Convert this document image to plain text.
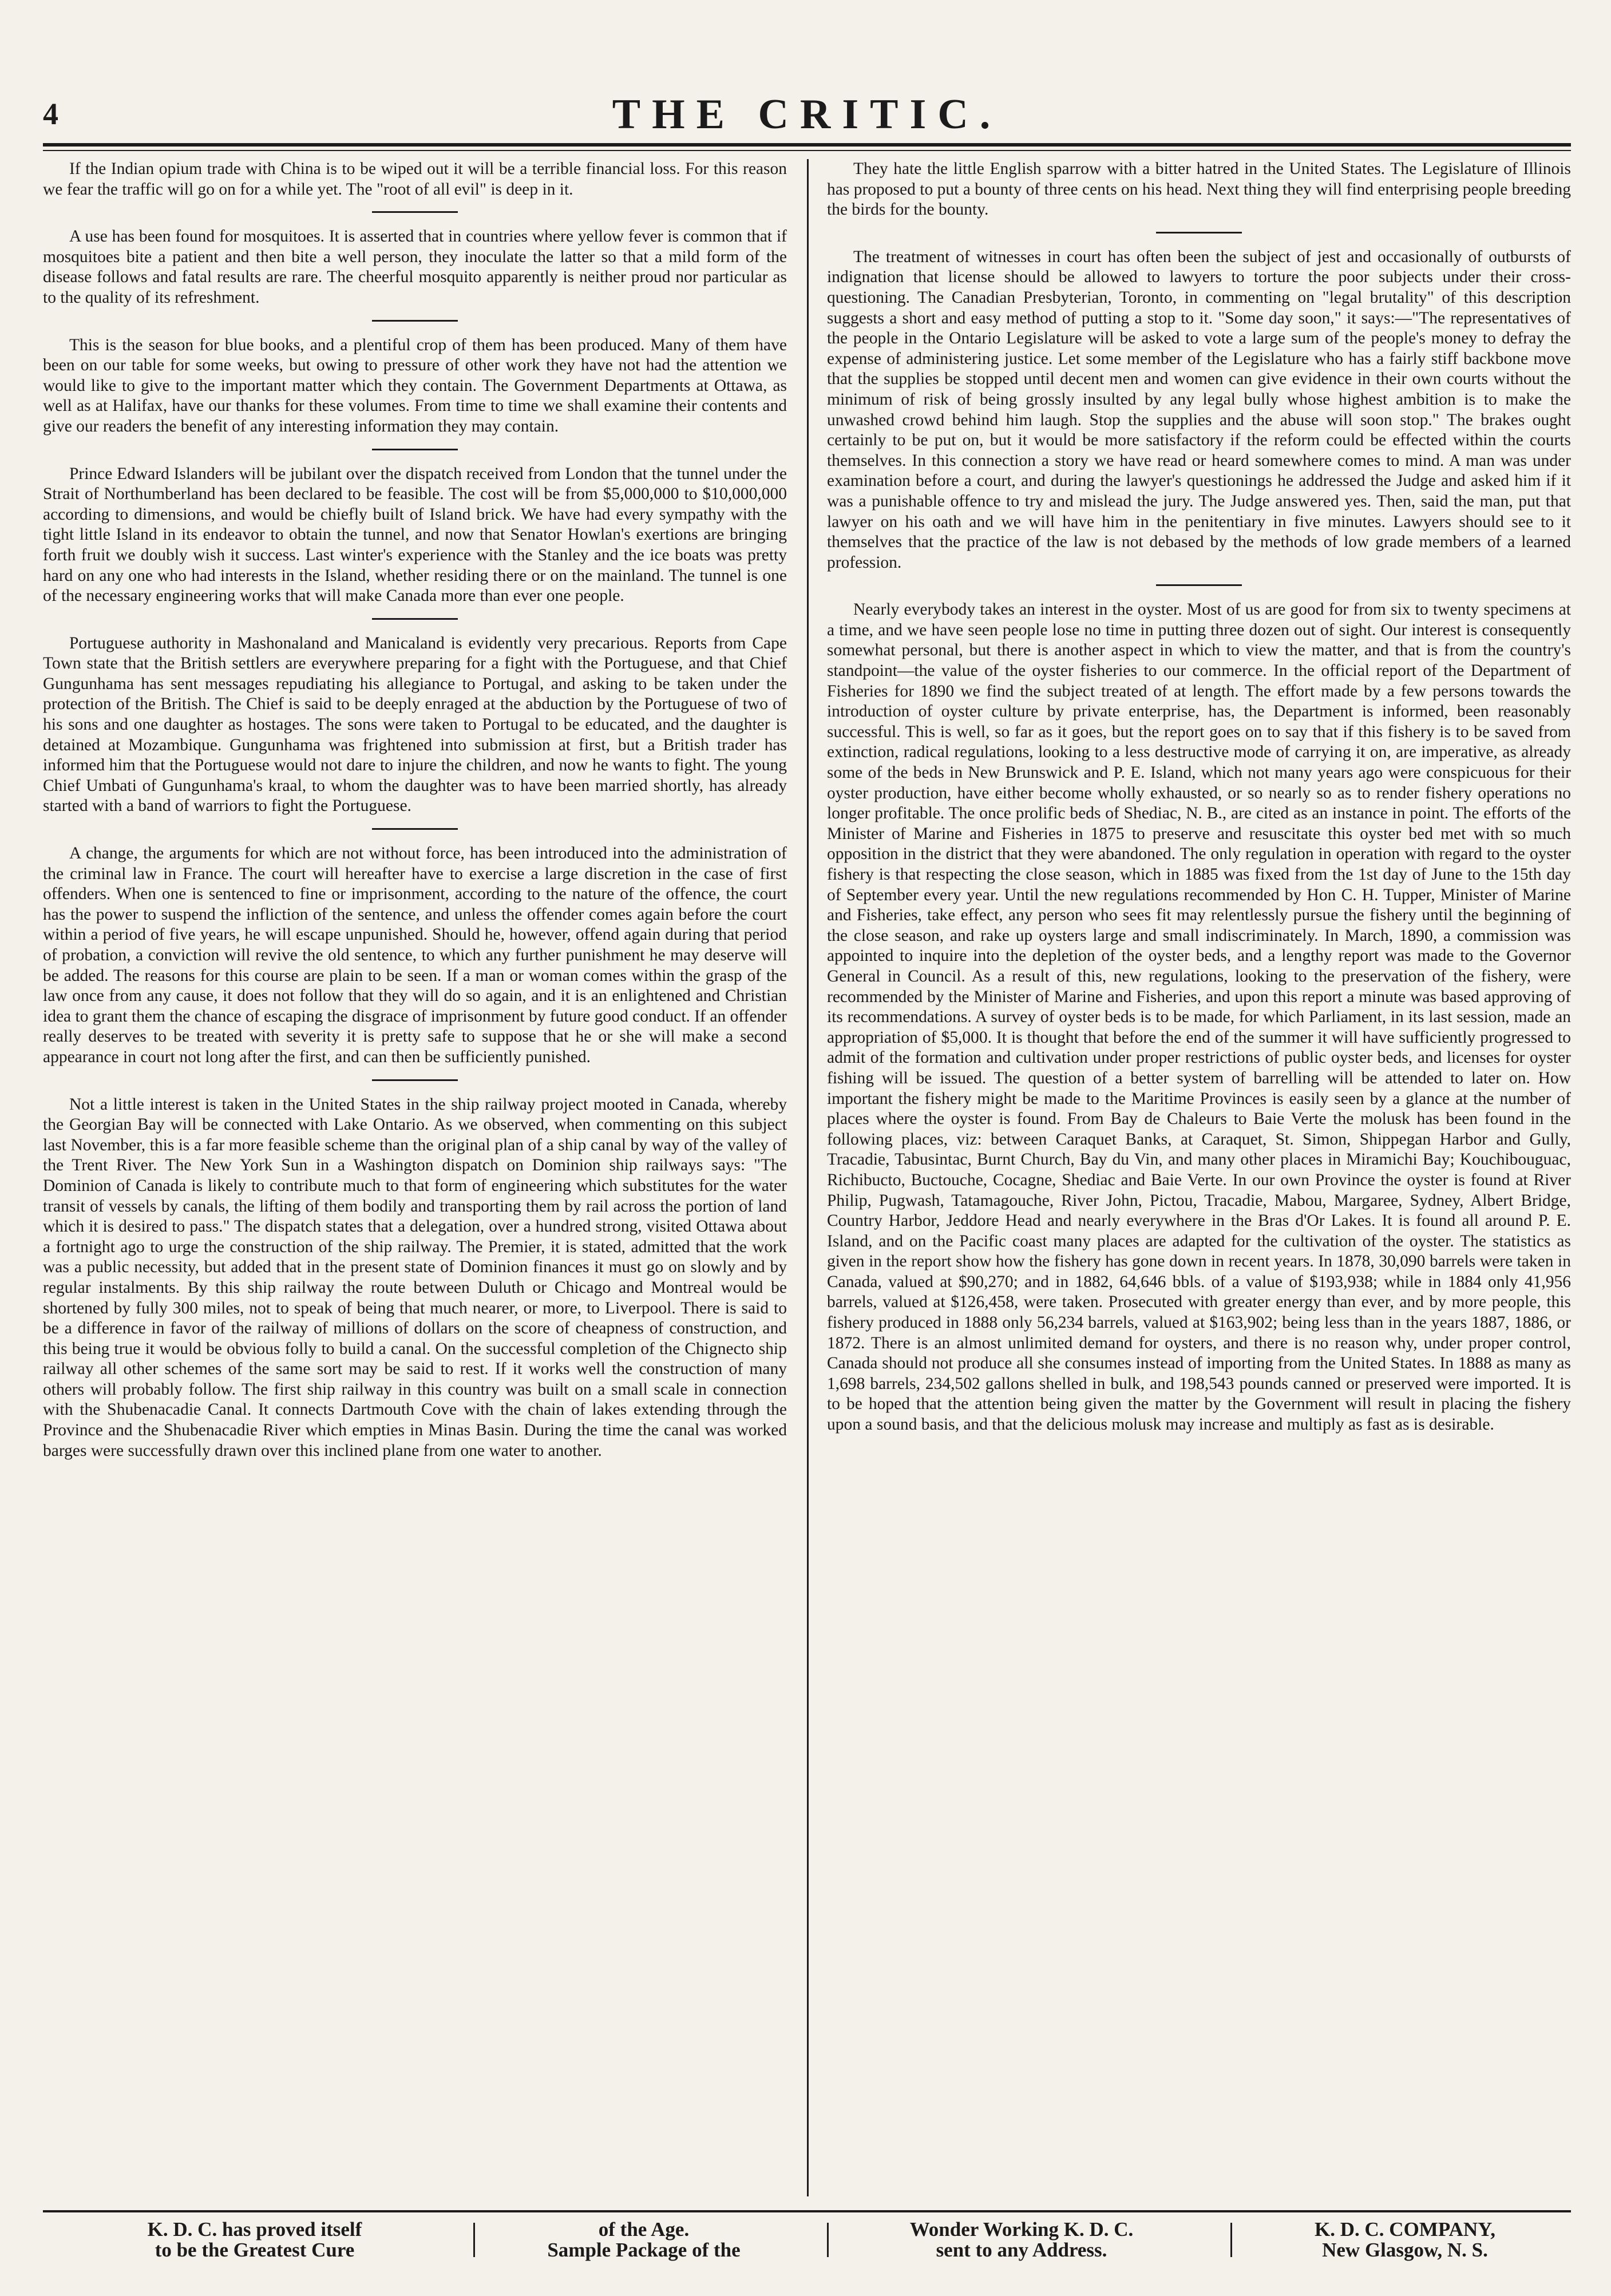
4	THE CRITIC.

If the Indian opium trade with China is to be wiped out it will be a terrible financial loss. For this reason we fear the traffic will go on for a while yet. The "root of all evil" is deep in it.

A use has been found for mosquitoes. It is asserted that in countries where yellow fever is common that if mosquitoes bite a patient and then bite a well person, they inoculate the latter so that a mild form of the disease follows and fatal results are rare. The cheerful mosquito apparently is neither proud nor particular as to the quality of its refreshment.

This is the season for blue books, and a plentiful crop of them has been produced. Many of them have been on our table for some weeks, but owing to pressure of other work they have not had the attention we would like to give to the important matter which they contain. The Government Departments at Ottawa, as well as at Halifax, have our thanks for these volumes. From time to time we shall examine their contents and give our readers the benefit of any interesting information they may contain.

Prince Edward Islanders will be jubilant over the dispatch received from London that the tunnel under the Strait of Northumberland has been declared to be feasible. The cost will be from $5,000,000 to $10,000,000 according to dimensions, and would be chiefly built of Island brick. We have had every sympathy with the tight little Island in its endeavor to obtain the tunnel, and now that Senator Howlan's exertions are bringing forth fruit we doubly wish it success. Last winter's experience with the Stanley and the ice boats was pretty hard on any one who had interests in the Island, whether residing there or on the mainland. The tunnel is one of the necessary engineering works that will make Canada more than ever one people.

Portuguese authority in Mashonaland and Manicaland is evidently very precarious. Reports from Cape Town state that the British settlers are everywhere preparing for a fight with the Portuguese, and that Chief Gungunhama has sent messages repudiating his allegiance to Portugal, and asking to be taken under the protection of the British. The Chief is said to be deeply enraged at the abduction by the Portuguese of two of his sons and one daughter as hostages. The sons were taken to Portugal to be educated, and the daughter is detained at Mozambique. Gungunhama was frightened into submission at first, but a British trader has informed him that the Portuguese would not dare to injure the children, and now he wants to fight. The young Chief Umbati of Gungunhama's kraal, to whom the daughter was to have been married shortly, has already started with a band of warriors to fight the Portuguese.

A change, the arguments for which are not without force, has been introduced into the administration of the criminal law in France. The court will hereafter have to exercise a large discretion in the case of first offenders. When one is sentenced to fine or imprisonment, according to the nature of the offence, the court has the power to suspend the infliction of the sentence, and unless the offender comes again before the court within a period of five years, he will escape unpunished. Should he, however, offend again during that period of probation, a conviction will revive the old sentence, to which any further punishment he may deserve will be added. The reasons for this course are plain to be seen. If a man or woman comes within the grasp of the law once from any cause, it does not follow that they will do so again, and it is an enlightened and Christian idea to grant them the chance of escaping the disgrace of imprisonment by future good conduct. If an offender really deserves to be treated with severity it is pretty safe to suppose that he or she will make a second appearance in court not long after the first, and can then be sufficiently punished.

Not a little interest is taken in the United States in the ship railway project mooted in Canada, whereby the Georgian Bay will be connected with Lake Ontario. As we observed, when commenting on this subject last November, this is a far more feasible scheme than the original plan of a ship canal by way of the valley of the Trent River. The New York Sun in a Washington dispatch on Dominion ship railways says: "The Dominion of Canada is likely to contribute much to that form of engineering which substitutes for the water transit of vessels by canals, the lifting of them bodily and transporting them by rail across the portion of land which it is desired to pass." The dispatch states that a delegation, over a hundred strong, visited Ottawa about a fortnight ago to urge the construction of the ship railway. The Premier, it is stated, admitted that the work was a public necessity, but added that in the present state of Dominion finances it must go on slowly and by regular instalments. By this ship railway the route between Duluth or Chicago and Montreal would be shortened by fully 300 miles, not to speak of being that much nearer, or more, to Liverpool. There is said to be a difference in favor of the railway of millions of dollars on the score of cheapness of construction, and this being true it would be obvious folly to build a canal. On the successful completion of the Chignecto ship railway all other schemes of the same sort may be said to rest. If it works well the construction of many others will probably follow. The first ship railway in this country was built on a small scale in connection with the Shubenacadie Canal. It connects Dartmouth Cove with the chain of lakes extending through the Province and the Shubenacadie River which empties in Minas Basin. During the time the canal was worked barges were successfully drawn over this inclined plane from one water to another.

They hate the little English sparrow with a bitter hatred in the United States. The Legislature of Illinois has proposed to put a bounty of three cents on his head. Next thing they will find enterprising people breeding the birds for the bounty.

The treatment of witnesses in court has often been the subject of jest and occasionally of outbursts of indignation that license should be allowed to lawyers to torture the poor subjects under their cross-questioning. The Canadian Presbyterian, Toronto, in commenting on "legal brutality" of this description suggests a short and easy method of putting a stop to it. "Some day soon," it says:—"The representatives of the people in the Ontario Legislature will be asked to vote a large sum of the people's money to defray the expense of administering justice. Let some member of the Legislature who has a fairly stiff backbone move that the supplies be stopped until decent men and women can give evidence in their own courts without the minimum of risk of being grossly insulted by any legal bully whose highest ambition is to make the unwashed crowd behind him laugh. Stop the supplies and the abuse will soon stop." The brakes ought certainly to be put on, but it would be more satisfactory if the reform could be effected within the courts themselves. In this connection a story we have read or heard somewhere comes to mind. A man was under examination before a court, and during the lawyer's questionings he addressed the Judge and asked him if it was a punishable offence to try and mislead the jury. The Judge answered yes. Then, said the man, put that lawyer on his oath and we will have him in the penitentiary in five minutes. Lawyers should see to it themselves that the practice of the law is not debased by the methods of low grade members of a learned profession.

Nearly everybody takes an interest in the oyster. Most of us are good for from six to twenty specimens at a time, and we have seen people lose no time in putting three dozen out of sight. Our interest is consequently somewhat personal, but there is another aspect in which to view the matter, and that is from the country's standpoint—the value of the oyster fisheries to our commerce. In the official report of the Department of Fisheries for 1890 we find the subject treated of at length. The effort made by a few persons towards the introduction of oyster culture by private enterprise, has, the Department is informed, been reasonably successful. This is well, so far as it goes, but the report goes on to say that if this fishery is to be saved from extinction, radical regulations, looking to a less destructive mode of carrying it on, are imperative, as already some of the beds in New Brunswick and P. E. Island, which not many years ago were conspicuous for their oyster production, have either become wholly exhausted, or so nearly so as to render fishery operations no longer profitable. The once prolific beds of Shediac, N. B., are cited as an instance in point. The efforts of the Minister of Marine and Fisheries in 1875 to preserve and resuscitate this oyster bed met with so much opposition in the district that they were abandoned. The only regulation in operation with regard to the oyster fishery is that respecting the close season, which in 1885 was fixed from the 1st day of June to the 15th day of September every year. Until the new regulations recommended by Hon C. H. Tupper, Minister of Marine and Fisheries, take effect, any person who sees fit may relentlessly pursue the fishery until the beginning of the close season, and rake up oysters large and small indiscriminately. In March, 1890, a commission was appointed to inquire into the depletion of the oyster beds, and a lengthy report was made to the Governor General in Council. As a result of this, new regulations, looking to the preservation of the fishery, were recommended by the Minister of Marine and Fisheries, and upon this report a minute was based approving of its recommendations. A survey of oyster beds is to be made, for which Parliament, in its last session, made an appropriation of $5,000. It is thought that before the end of the summer it will have sufficiently progressed to admit of the formation and cultivation under proper restrictions of public oyster beds, and licenses for oyster fishing will be issued. The question of a better system of barrelling will be attended to later on. How important the fishery might be made to the Maritime Provinces is easily seen by a glance at the number of places where the oyster is found. From Bay de Chaleurs to Baie Verte the molusk has been found in the following places, viz: between Caraquet Banks, at Caraquet, St. Simon, Shippegan Harbor and Gully, Tracadie, Tabusintac, Burnt Church, Bay du Vin, and many other places in Miramichi Bay; Kouchibouguac, Richibucto, Buctouche, Cocagne, Shediac and Baie Verte. In our own Province the oyster is found at River Philip, Pugwash, Tatamagouche, River John, Pictou, Tracadie, Mabou, Margaree, Sydney, Albert Bridge, Country Harbor, Jeddore Head and nearly everywhere in the Bras d'Or Lakes. It is found all around P. E. Island, and on the Pacific coast many places are adapted for the cultivation of the oyster. The statistics as given in the report show how the fishery has gone down in recent years. In 1878, 30,090 barrels were taken in Canada, valued at $90,270; and in 1882, 64,646 bbls. of a value of $193,938; while in 1884 only 41,956 barrels, valued at $126,458, were taken. Prosecuted with greater energy than ever, and by more people, this fishery produced in 1888 only 56,234 barrels, valued at $163,902; being less than in the years 1887, 1886, or 1872. There is an almost unlimited demand for oysters, and there is no reason why, under proper control, Canada should not produce all she consumes instead of importing from the United States. In 1888 as many as 1,698 barrels, 234,502 gallons shelled in bulk, and 198,543 pounds canned or preserved were imported. It is to be hoped that the attention being given the matter by the Government will result in placing the fishery upon a sound basis, and that the delicious molusk may increase and multiply as fast as is desirable.

K. D. C. has proved itself
to be the Greatest Cure
of the Age.
Sample Package of the
Wonder Working K. D. C.
sent to any Address.
K. D. C. COMPANY,
New Glasgow, N. S.
